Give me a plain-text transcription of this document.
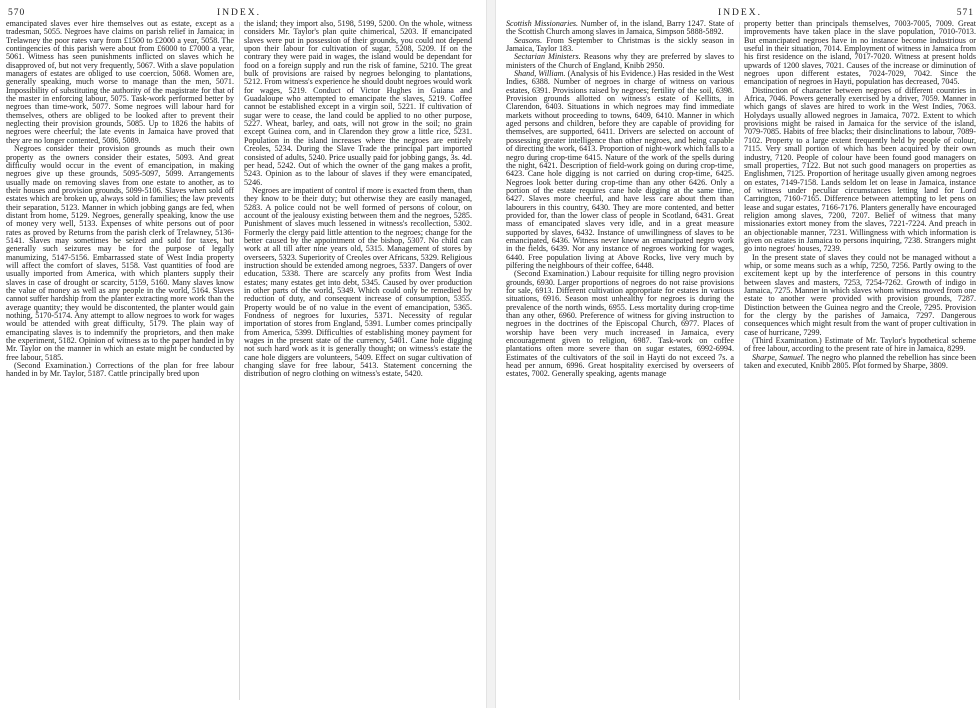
570	INDEX.

emancipated slaves ever hire themselves out as estate, except as a tradesman, 5055. Negroes have claims on parish relief in Jamaica; in Trelawney the poor rates vary from £1500 to £2000 a year, 5058. The contingencies of this parish were about from £6000 to £7000 a year, 5061. Witness has seen punishments inflicted on slaves which he disapproved of, but not very frequently, 5067. With a slave population managers of estates are obliged to use coercion, 5068. Women are, generally speaking, much worse to manage than the men, 5071. Impossibility of substituting the authority of the magistrate for that of the master in enforcing labour, 5075. Task-work performed better by negroes than time-work, 5077. Some negroes will labour hard for themselves, others are obliged to be looked after to prevent their neglecting their provision grounds, 5085. Up to 1826 the habits of negroes were cheerful; the late events in Jamaica have proved that they are no longer contented, 5086, 5089.

Negroes consider their provision grounds as much their own property as the owners consider their estates, 5093. And great difficulty would occur in the event of emancipation, in making negroes give up these grounds, 5095-5097, 5099. Arrangements usually made on removing slaves from one estate to another, as to their houses and provision grounds, 5099-5106. Slaves when sold off estates which are broken up, always sold in families; the law prevents their separation, 5123. Manner in which jobbing gangs are fed, when distant from home, 5129. Negroes, generally speaking, know the use of money very well, 5133. Expenses of white persons out of poor rates as proved by Returns from the parish clerk of Trelawney, 5136-5141. Slaves may sometimes be seized and sold for taxes, but generally such seizures may be for the purpose of legally manumizing, 5147-5156. Embarrassed state of West India property will affect the comfort of slaves, 5158. Vast quantities of food are usually imported from America, with which planters supply their slaves in case of drought or scarcity, 5159, 5160. Many slaves know the value of money as well as any people in the world, 5164. Slaves cannot suffer hardship from the planter extracting more work than the average quantity; they would be discontented, the planter would gain nothing, 5170-5174. Any attempt to allow negroes to work for wages would be attended with great difficulty, 5179. The plain way of emancipating slaves is to indemnify the proprietors, and then make the experiment, 5182. Opinion of witness as to the paper handed in by Mr. Taylor on the manner in which an estate might be conducted by free labour, 5185.

(Second Examination.) Corrections of the plan for free labour handed in by Mr. Taylor, 5187. Cattle principally bred upon

the island; they import also, 5198, 5199, 5200. On the whole, witness considers Mr. Taylor's plan quite chimerical, 5203. If emancipated slaves were put in possession of their grounds, you could not depend upon their labour for cultivation of sugar, 5208, 5209. If on the contrary they were paid in wages, the island would be dependant for food on a foreign supply and run the risk of famine, 5210. The great bulk of provisions are raised by negroes belonging to plantations, 5212. From witness's experience he should doubt negroes would work for wages, 5219. Conduct of Victor Hughes in Guiana and Guadaloupe who attempted to emancipate the slaves, 5219. Coffee cannot be established except in a virgin soil, 5221. If cultivation of sugar were to cease, the land could be applied to no other purpose, 5227. Wheat, barley, and oats, will not grow in the soil; no grain except Guinea corn, and in Clarendon they grow a little rice, 5231. Population in the island increases where the negroes are entirely Creoles, 5234. During the Slave Trade the principal part imported consisted of adults, 5240. Price usually paid for jobbing gangs, 3s. 4d. per head, 5242. Out of which the owner of the gang makes a profit, 5243. Opinion as to the labour of slaves if they were emancipated, 5246.

Negroes are impatient of control if more is exacted from them, than they know to be their duty; but otherwise they are easily managed, 5283. A police could not be well formed of persons of colour, on account of the jealousy existing between them and the negroes, 5285. Punishment of slaves much lessened in witness's recollection, 5302. Formerly the clergy paid little attention to the negroes; change for the better caused by the appointment of the bishop, 5307. No child can work at all till after nine years old, 5315. Management of stores by overseers, 5323. Superiority of Creoles over Africans, 5329. Religious instruction should be extended among negroes, 5337. Dangers of over education, 5338. There are scarcely any profits from West India estates; many estates get into debt, 5345. Caused by over production in other parts of the world, 5349. Which could only be remedied by reduction of duty, and consequent increase of consumption, 5355. Property would be of no value in the event of emancipation, 5365. Fondness of negroes for luxuries, 5371. Necessity of regular importation of stores from England, 5391. Lumber comes principally from America, 5399. Difficulties of establishing money payment for wages in the present state of the currency, 5401. Cane hole digging not such hard work as it is generally thought; on witness's estate the cane hole diggers are volunteers, 5409. Effect on sugar cultivation of changing slave for free labour, 5413. Statement concerning the distribution of negro clothing on witness's estate, 5420.

INDEX.	571

Scottish Missionaries. Number of, in the island, Barry 1247. State of the Scottish Church among slaves in Jamaica, Simpson 5888-5892.

Seasons. From September to Christmas is the sickly season in Jamaica, Taylor 183.

Sectarian Ministers. Reasons why they are preferred by slaves to ministers of the Church of England, Knibb 2950.

Shand, William. (Analysis of his Evidence.) Has resided in the West Indies, 6388. Number of negroes in charge of witness on various estates, 6391. Provisions raised by negroes; fertility of the soil, 6398. Provision grounds allotted on witness's estate of Kellitts, in Clarendon, 6403. Situations in which negroes may find immediate markets without proceeding to towns, 6409, 6410. Manner in which aged persons and children, before they are capable of providing for themselves, are supported, 6411. Drivers are selected on account of possessing greater intelligence than other negroes, and being capable of directing the work, 6413. Proportion of night-work which falls to a negro during crop-time 6415. Nature of the work of the spells during the night, 6421. Description of field-work going on during crop-time, 6423. Cane hole digging is not carried on during crop-time, 6425. Negroes look better during crop-time than any other 6426. Only a portion of the estate requires cane hole digging at the same time, 6427. Slaves more cheerful, and have less care about them than labourers in this country, 6430. They are more contented, and better provided for, than the lower class of people in Scotland, 6431. Great mass of emancipated slaves very idle, and in a great measure supported by slaves, 6432. Instance of unwillingness of slaves to be emancipated, 6436. Witness never knew an emancipated negro work in the fields, 6439. Nor any instance of negroes working for wages, 6440. Free population living at Above Rocks, live very much by pilfering the neighbours of their coffee, 6448.

(Second Examination.) Labour requisite for tilling negro provision grounds, 6930. Larger proportions of negroes do not raise provisions for sale, 6913. Different cultivation appropriate for estates in various situations, 6916. Season most unhealthy for negroes is during the prevalence of the north winds, 6955. Less mortality during crop-time than any other, 6960. Preference of witness for giving instruction to negroes in the doctrines of the Episcopal Church, 6977. Places of worship have been very much increased in Jamaica, every encouragement given to religion, 6987. Task-work on coffee plantations often more severe than on sugar estates, 6992-6994. Estimates of the cultivators of the soil in Hayti do not exceed 7s. a head per annum, 6996. Great hospitality exercised by overseers of estates, 7002. Generally speaking, agents manage

property better than principals themselves, 7003-7005, 7009. Great improvements have taken place in the slave population, 7010-7013. But emancipated negroes have in no instance become industrious or useful in their situation, 7014. Employment of witness in Jamaica from his first residence on the island, 7017-7020. Witness at present holds upwards of 1200 slaves, 7021. Causes of the increase or diminution of negroes upon different estates, 7024-7029, 7042. Since the emancipation of negroes in Hayti, population has decreased, 7045.

Distinction of character between negroes of different countries in Africa, 7046. Powers generally exercised by a driver, 7059. Manner in which gangs of slaves are hired to work in the West Indies, 7063. Holydays usually allowed negroes in Jamaica, 7072. Extent to which provisions might be raised in Jamaica for the service of the island, 7079-7085. Habits of free blacks; their disinclinations to labour, 7089-7102. Property to a large extent frequently held by people of colour, 7115. Very small portion of which has been acquired by their own industry, 7120. People of colour have been found good managers on small properties, 7122. But not such good managers on properties as Englishmen, 7125. Proportion of heritage usually given among negroes on estates, 7149-7158. Lands seldom let on lease in Jamaica, instance of witness under peculiar circumstances letting land for Lord Carrington, 7160-7165. Difference between attempting to let pens on lease and sugar estates, 7166-7176. Planters generally have encouraged religion among slaves, 7200, 7207. Belief of witness that many missionaries extort money from the slaves, 7221-7224. And preach in an objectionable manner, 7231. Willingness with which information is given on estates in Jamaica to persons inquiring, 7238. Strangers might go into negroes' houses, 7239.

In the present state of slaves they could not be managed without a whip, or some means such as a whip, 7250, 7256. Partly owing to the excitement kept up by the interference of persons in this country between slaves and masters, 7253, 7254-7262. Growth of indigo in Jamaica, 7275. Manner in which slaves whom witness moved from one estate to another were provided with provision grounds, 7287. Distinction between the Guinea negro and the Creole, 7295. Provision for the clergy by the parishes of Jamaica, 7297. Dangerous consequences which might result from the want of proper cultivation in case of hurricane, 7299.

(Third Examination.) Estimate of Mr. Taylor's hypothetical scheme of free labour, according to the present rate of hire in Jamaica, 8299.

Sharpe, Samuel. The negro who planned the rebellion has since been taken and executed, Knibb 2805. Plot formed by Sharpe, 3809.
